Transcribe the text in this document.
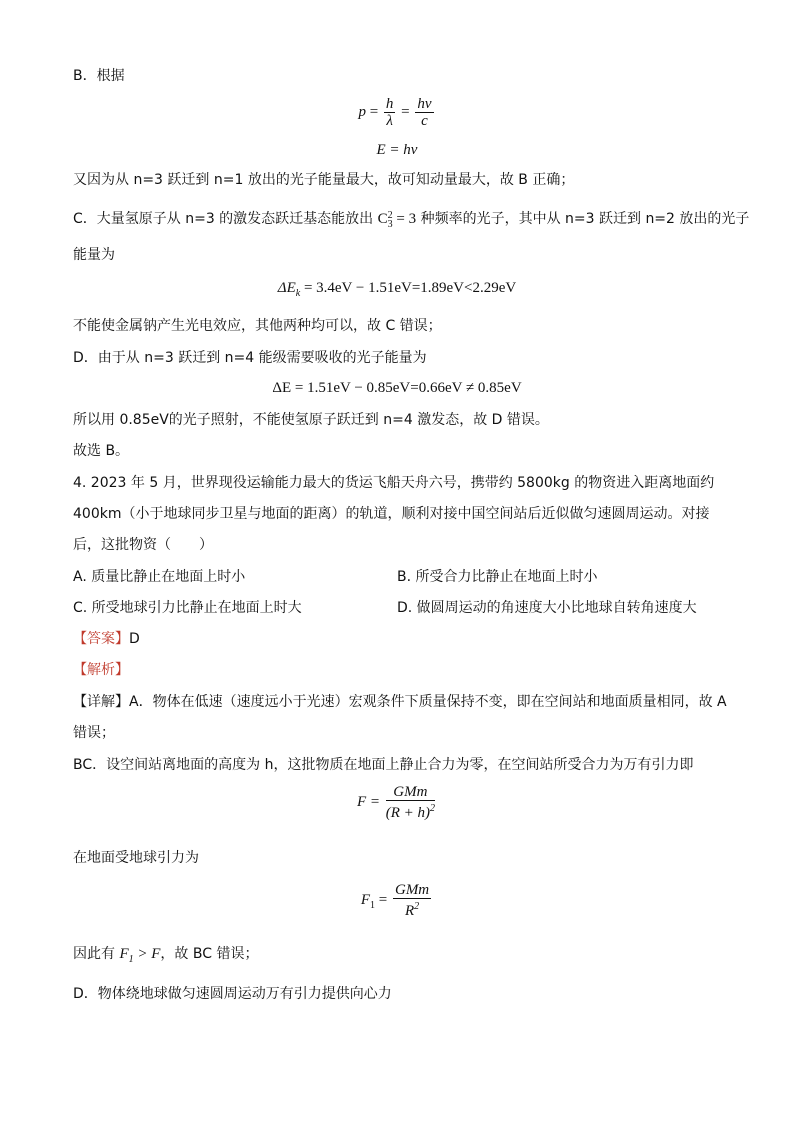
B．根据
$p = \frac{h}{\lambda} = \frac{h\nu}{c}$
E = hν
又因为从 n=3 跃迁到 n=1 放出的光子能量最大，故可知动量最大，故 B 正确；
C．大量氢原子从 n=3 的激发态跃迁基态能放出 C 2
3 = 3 种频率的光子，其中从 n=3 跃迁到 n=2 放出的光子
能量为
$\Delta E_k = 3.4eV - 1.51eV=1.89eV<2.29eV$
不能使金属钠产生光电效应，其他两种均可以，故 C 错误；
D．由于从 n=3 跃迁到 n=4 能级需要吸收的光子能量为
ΔE = 1.51eV − 0.85eV=0.66eV ≠ 0.85eV
所以用 0.85eV的光子照射，不能使氢原子跃迁到 n=4 激发态，故 D 错误。
故选 B。
4. 2023 年 5 月，世界现役运输能力最大的货运飞船天舟六号，携带约 5800kg 的物资进入距离地面约
400km（小于地球同步卫星与地面的距离）的轨道，顺利对接中国空间站后近似做匀速圆周运动。对接
后，这批物资（　　）
A. 质量比静止在地面上时小	B. 所受合力比静止在地面上时小
C. 所受地球引力比静止在地面上时大	D. 做圆周运动的角速度大小比地球自转角速度大
【答案】D
【解析】
【详解】A．物体在低速（速度远小于光速）宏观条件下质量保持不变，即在空间站和地面质量相同，故 A
错误；
BC．设空间站离地面的高度为 h，这批物质在地面上静止合力为零，在空间站所受合力为万有引力即
$F = \frac{\text{GMm}}{(R + h)^2}$
在地面受地球引力为
$F_1 = \frac{\text{GMm}}{R^2}$
因此有 $F_1 > F$，故 BC 错误；
D．物体绕地球做匀速圆周运动万有引力提供向心力
